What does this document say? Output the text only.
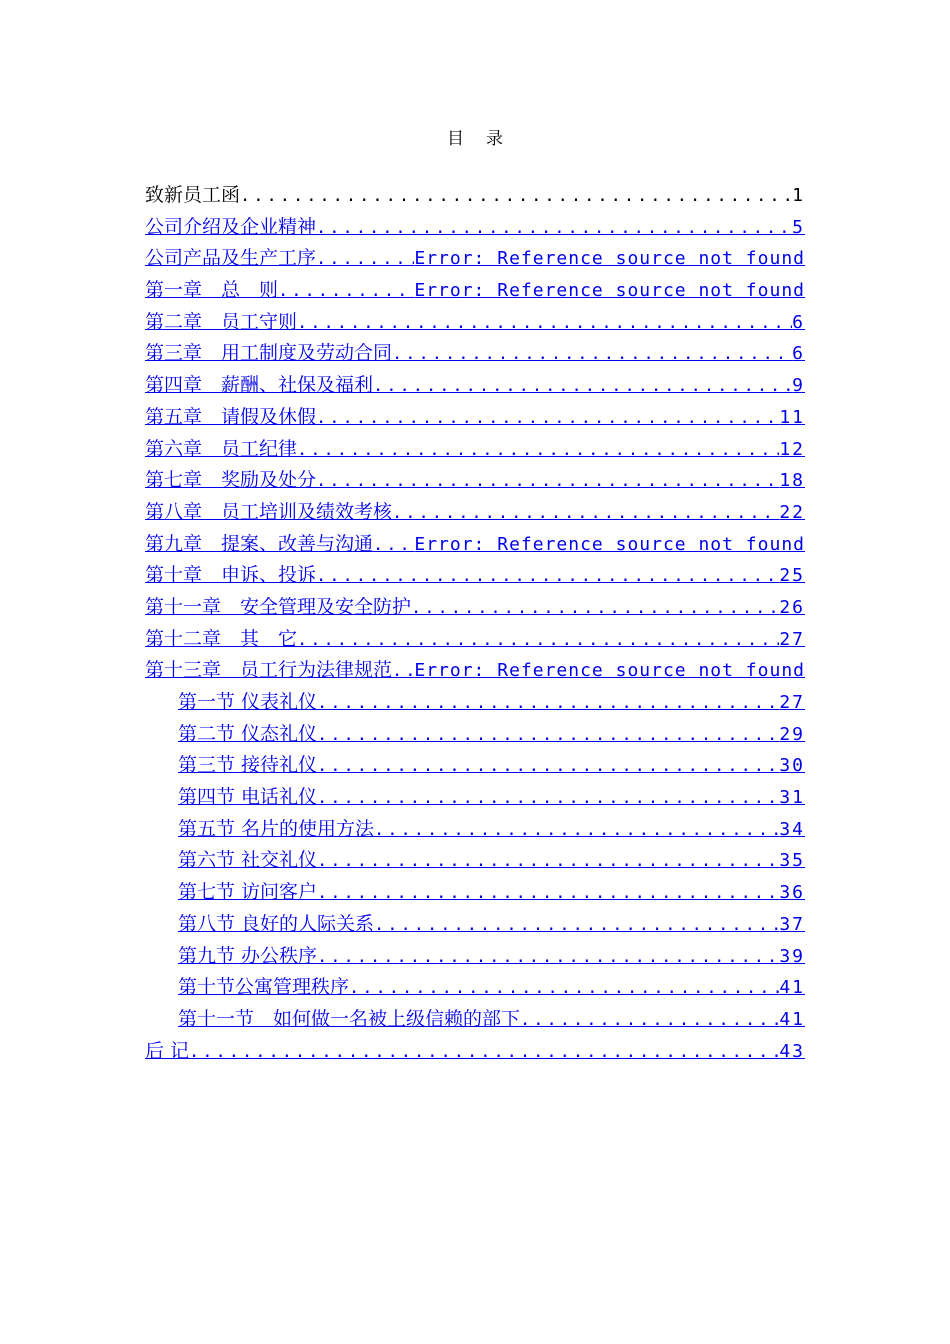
目录
致新员工函 .....	1
公司介绍及企业精神 .....	5
公司产品及生产工序 .....	Error: Reference source not found
第一章　总　则 .....	Error: Reference source not found
第二章　员工守则 .....	6
第三章　用工制度及劳动合同 .....	6
第四章　薪酬、社保及福利 .....	9
第五章　请假及休假 .....	11
第六章　员工纪律 .....	12
第七章　奖励及处分 .....	18
第八章　员工培训及绩效考核 .....	22
第九章　提案、改善与沟通 ..... Error: Reference source not found
第十章　申诉、投诉 .....	25
第十一章　安全管理及安全防护 .....	26
第十二章　其　它 .....	27
第十三章　员工行为法律规范 ..... Error: Reference source not found
第一节 仪表礼仪 .....	27
第二节 仪态礼仪 .....	29
第三节 接待礼仪 .....	30
第四节 电话礼仪 .....	31
第五节 名片的使用方法 .....	34
第六节 社交礼仪 .....	35
第七节 访问客户 .....	36
第八节 良好的人际关系 .....	37
第九节 办公秩序 .....	39
第十节公寓管理秩序 .....	41
第十一节　如何做一名被上级信赖的部下 .....	41
后 记 .....	43
